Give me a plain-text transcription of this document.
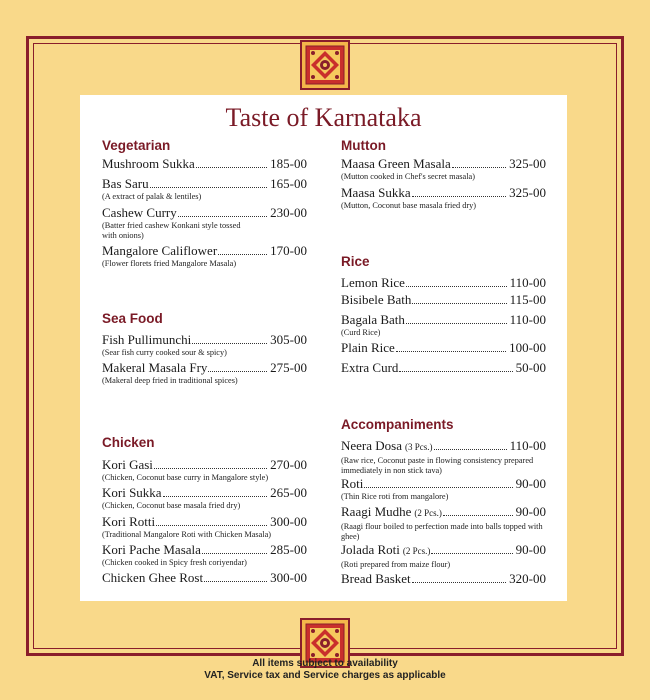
Taste of Karnataka
Vegetarian
Mushroom Sukka	185-00
Bas Saru	165-00
(A extract of palak & lentiles)
Cashew Curry	230-00
(Batter fried cashew Konkani style tossed with onions)
Mangalore Califlower	170-00
(Flower florets fried Mangalore Masala)
Sea Food
Fish Pullimunchi	305-00
(Sear fish curry cooked sour & spicy)
Makeral Masala Fry	275-00
(Makeral deep fried in traditional spices)
Chicken
Kori Gasi	270-00
(Chicken, Coconut base curry in Mangalore style)
Kori Sukka	265-00
(Chicken, Coconut base masala fried dry)
Kori Rotti	300-00
(Traditional Mangalore Roti with Chicken Masala)
Kori Pache Masala	285-00
(Chicken cooked in Spicy fresh coriyendar)
Chicken Ghee Rost	300-00
Mutton
Maasa Green Masala	325-00
(Mutton cooked in Chef's secret masala)
Maasa Sukka	325-00
(Mutton, Coconut base masala fried dry)
Rice
Lemon Rice	110-00
Bisibele Bath	115-00
Bagala Bath	110-00
(Curd Rice)
Plain Rice	100-00
Extra Curd	50-00
Accompaniments
Neera Dosa (3 Pcs.)	110-00
(Raw rice, Coconut paste in flowing consistency prepared immediately in non stick tava)
Roti	90-00
(Thin Rice roti from mangalore)
Raagi Mudhe (2 Pcs.)	90-00
(Raagi flour boiled to perfection made into balls topped with ghee)
Jolada Roti (2 Pcs.)	90-00
(Roti prepared from maize flour)
Bread Basket	320-00
All items subject to availability
VAT, Service tax and Service charges as applicable
